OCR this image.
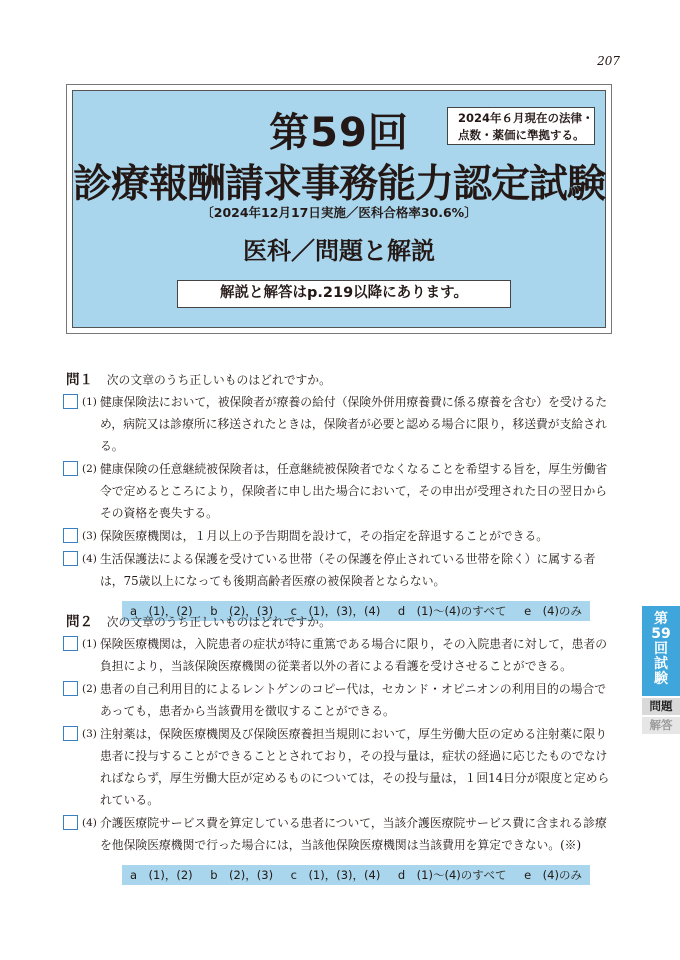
207
第59回	2024年６月現在の法律・
点数・薬価に準拠する。
診療報酬請求事務能力認定試験
〔2024年12月17日実施／医科合格率30.6%〕
医科／問題と解説
解説と解答はp.219以降にあります。
問１ 次の文章のうち正しいものはどれですか。
(1) 健康保険法において，被保険者が療養の給付（保険外併用療養費に係る療養を含む）を受けるため，病院又は診療所に移送されたときは，保険者が必要と認める場合に限り，移送費が支給される。
(2) 健康保険の任意継続被保険者は，任意継続被保険者でなくなることを希望する旨を，厚生労働省令で定めるところにより，保険者に申し出た場合において，その申出が受理された日の翌日からその資格を喪失する。
(3) 保険医療機関は，１月以上の予告期間を設けて，その指定を辞退することができる。
(4) 生活保護法による保護を受けている世帯（その保護を停止されている世帯を除く）に属する者は，75歳以上になっても後期高齢者医療の被保険者とならない。
a　(1)，(2) b　(2)，(3) c　(1)，(3)，(4) d　(1)～(4)のすべて e　(4)のみ
問２ 次の文章のうち正しいものはどれですか。
(1) 保険医療機関は，入院患者の症状が特に重篤である場合に限り，その入院患者に対して，患者の負担により，当該保険医療機関の従業者以外の者による看護を受けさせることができる。
(2) 患者の自己利用目的によるレントゲンのコピー代は，セカンド・オピニオンの利用目的の場合であっても，患者から当該費用を徴収することができる。
(3) 注射薬は，保険医療機関及び保険医療養担当規則において，厚生労働大臣の定める注射薬に限り患者に投与することができることとされており，その投与量は，症状の経過に応じたものでなければならず，厚生労働大臣が定めるものについては，その投与量は，１回14日分が限度と定められている。
(4) 介護医療院サービス費を算定している患者について，当該介護医療院サービス費に含まれる診療を他保険医療機関で行った場合には，当該他保険医療機関は当該費用を算定できない。(※)
a　(1)，(2) b　(2)，(3) c　(1)，(3)，(4) d　(1)～(4)のすべて e　(4)のみ
第
59
回
試
験
問題
解答
